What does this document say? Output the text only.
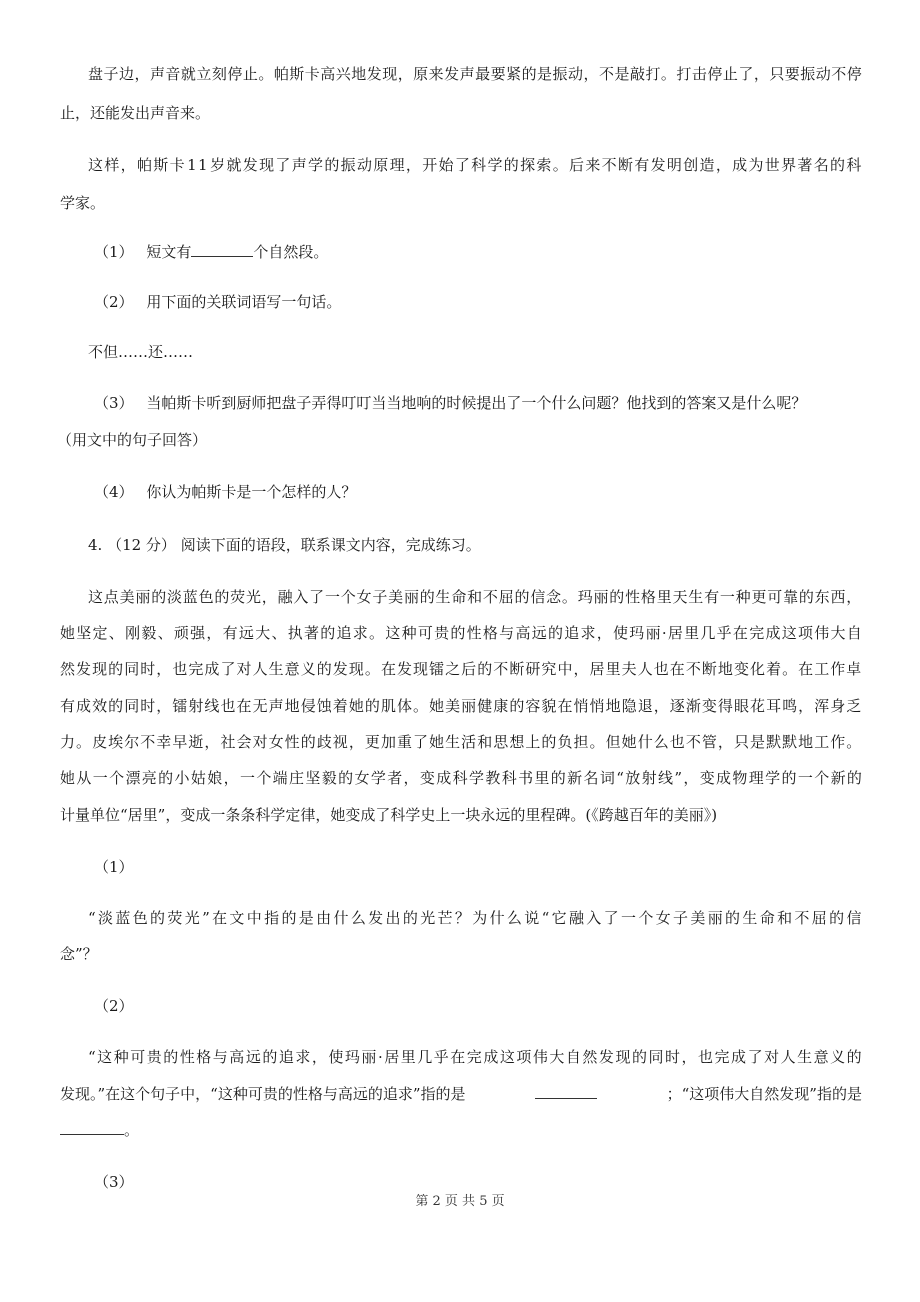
盘 子 边 ， 声 音 就 立 刻 停 止 。 帕 斯 卡 高 兴 地 发 现 ， 原 来 发 声 最 要 紧 的 是 振 动 ， 不 是 敲 打 。 打 击 停 止 了 ， 只 要 振 动 不 停
止，还能发出声音来。
这 样 ， 帕 斯 卡 1 1 岁 就 发 现 了 声 学 的 振 动 原 理 ， 开 始 了 科 学 的 探 索 。 后 来 不 断 有 发 明 创 造 ， 成 为 世 界 著 名 的 科
学家。
（1） 短文有	个自然段。
（2） 用下面的关联词语写一句话。
不但……还……
（3） 当帕斯卡听到厨师把盘子弄得叮叮当当地响的时候提出了一个什么问题？他找到的答案又是什么呢？
（用文中的句子回答）
（4） 你认为帕斯卡是一个怎样的人？
4. （12 分） 阅读下面的语段，联系课文内容，完成练习。
这 点 美 丽 的 淡 蓝 色 的 荧 光 ， 融 入 了 一 个 女 子 美 丽 的 生 命 和 不 屈 的 信 念 。 玛 丽 的 性 格 里 天 生 有 一 种 更 可 靠 的 东 西 ，
她 坚 定 、 刚 毅 、 顽 强 ， 有 远 大 、 执 著 的 追 求 。 这 种 可 贵 的 性 格 与 高 远 的 追 求 ， 使 玛 丽 · 居 里 几 乎 在 完 成 这 项 伟 大 自
然 发 现 的 同 时 ， 也 完 成 了 对 人 生 意 义 的 发 现 。 在 发 现 镭 之 后 的 不 断 研 究 中 ， 居 里 夫 人 也 在 不 断 地 变 化 着 。 在 工 作 卓
有 成 效 的 同 时 ， 镭 射 线 也 在 无 声 地 侵 蚀 着 她 的 肌 体 。 她 美 丽 健 康 的 容 貌 在 悄 悄 地 隐 退 ， 逐 渐 变 得 眼 花 耳 鸣 ， 浑 身 乏
力 。 皮 埃 尔 不 幸 早 逝 ， 社 会 对 女 性 的 歧 视 ， 更 加 重 了 她 生 活 和 思 想 上 的 负 担 。 但 她 什 么 也 不 管 ， 只 是 默 默 地 工 作 。
她 从 一 个 漂 亮 的 小 姑 娘 ， 一 个 端 庄 坚 毅 的 女 学 者 ， 变 成 科 学 教 科 书 里 的 新 名 词 “ 放 射 线 ” ， 变 成 物 理 学 的 一 个 新 的
计量单位“居里”，变成一条条科学定律，她变成了科学史上一块永远的里程碑。(《跨越百年的美丽》)
（1）
“ 淡 蓝 色 的 荧 光 ” 在 文 中 指 的 是 由 什 么 发 出 的 光 芒 ？ 为 什 么 说 “ 它 融 入 了 一 个 女 子 美 丽 的 生 命 和 不 屈 的 信
念”？
（2）
“ 这 种 可 贵 的 性 格 与 高 远 的 追 求 ， 使 玛 丽 · 居 里 几 乎 在 完 成 这 项 伟 大 自 然 发 现 的 同 时 ， 也 完 成 了 对 人 生 意 义 的
发现。”在这个句子中，“这种可贵的性格与高远的追求”指的是	；“这项伟大自然发现”指的是
。
（3）
第 2 页 共 5 页
